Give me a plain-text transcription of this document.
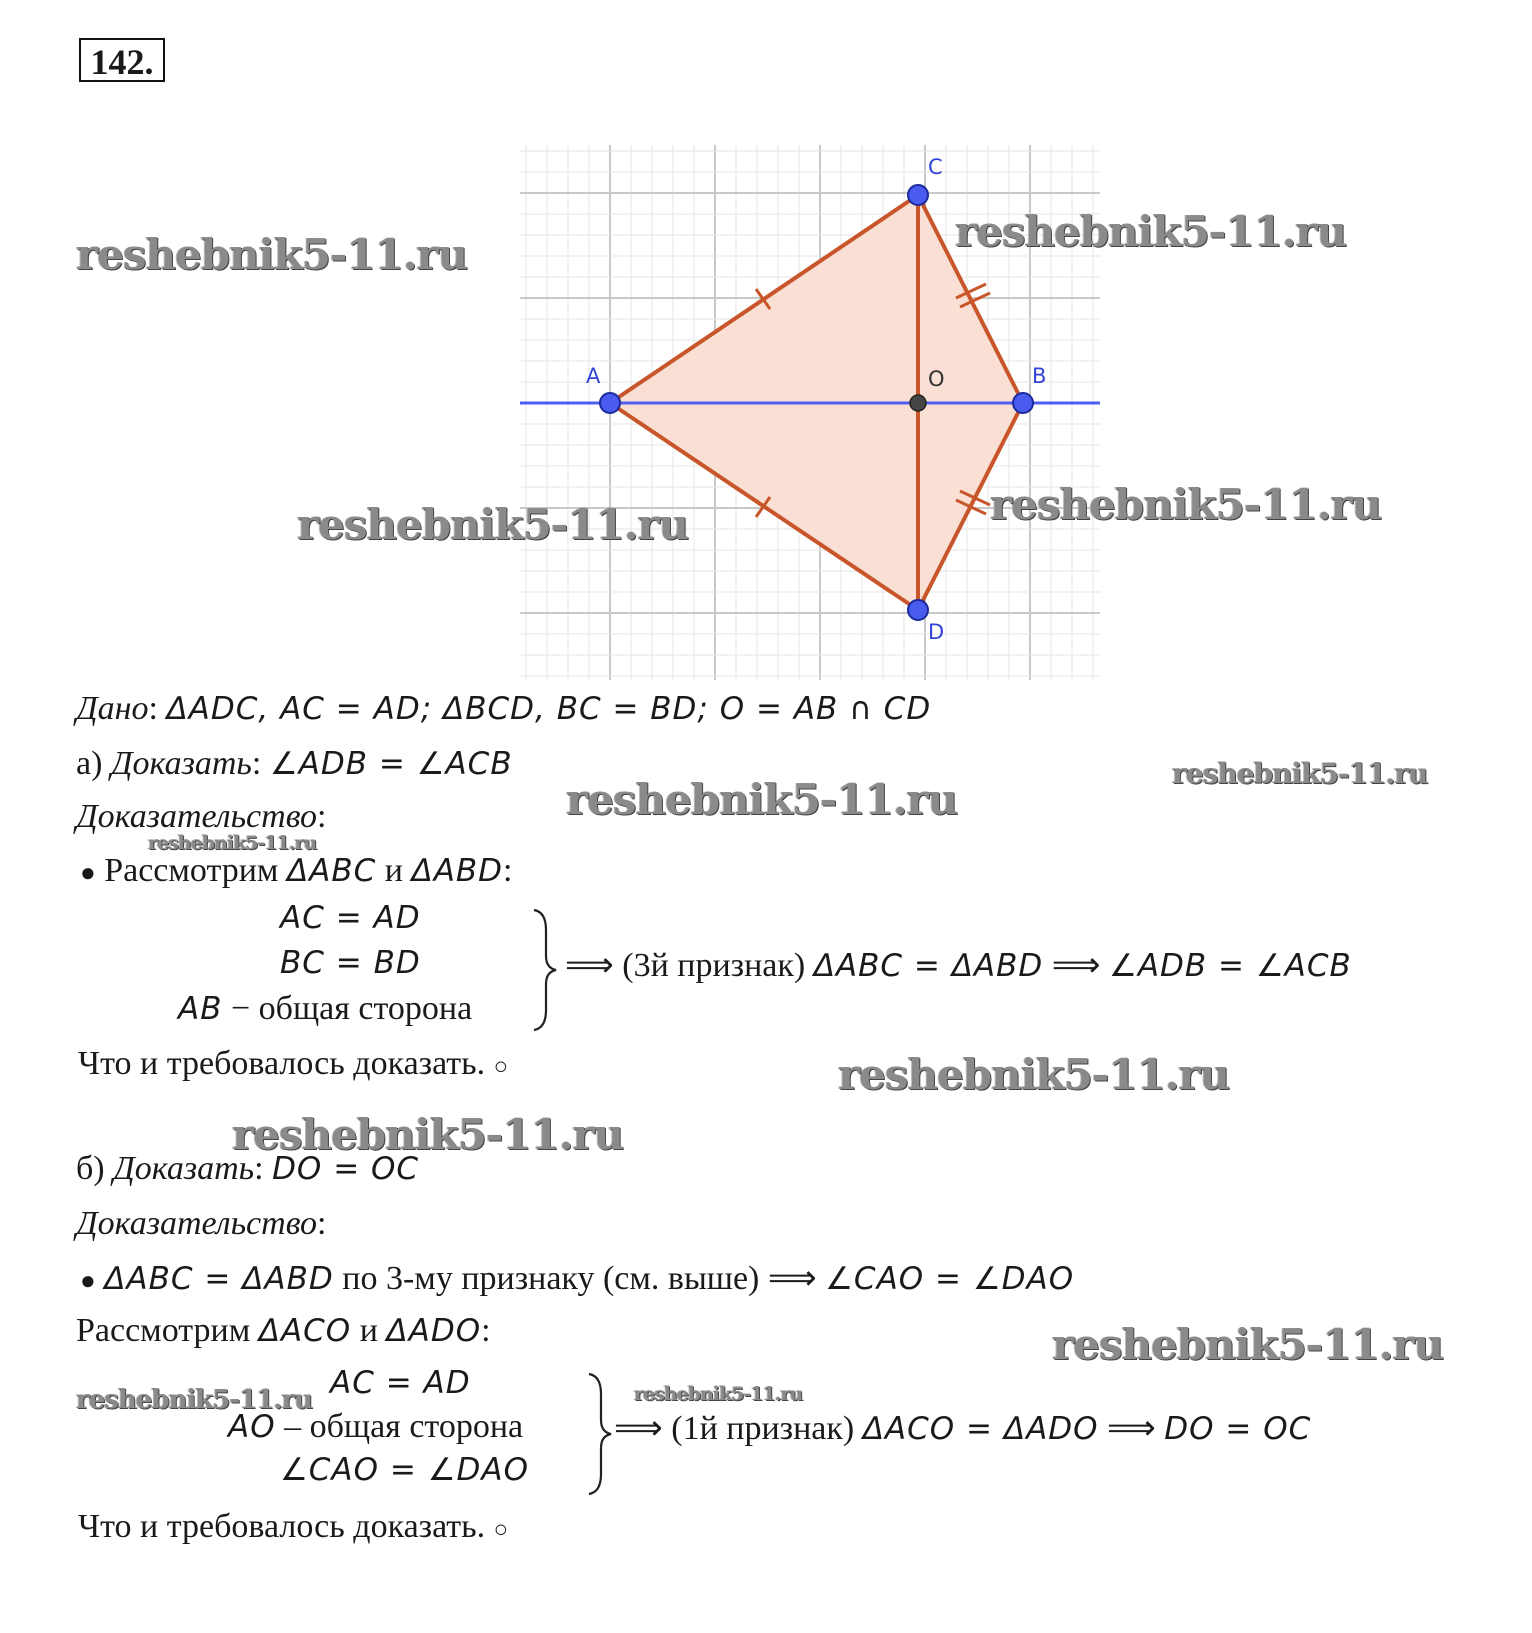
142.
A
C
B
O
D
reshebnik5-11.ru	reshebnik5-11.ru
reshebnik5-11.ru	reshebnik5-11.ru
reshebnik5-11.ru
reshebnik5-11.ru
reshebnik5-11.ru
reshebnik5-11.ru
reshebnik5-11.ru
reshebnik5-11.ru
reshebnik5-11.ru	reshebnik5-11.ru
Дано: ΔADC, AC = AD; ΔBCD, BC = BD; O = AB ∩ CD
а) Доказать: ∠ADB = ∠ACB
Доказательство:
● Рассмотрим ΔABC и ΔABD:
AC = AD
BC = BD
AB − общая сторона
⟹ (3й признак) ΔABC = ΔABD ⟹ ∠ADB = ∠ACB
Что и требовалось доказать. ○
б) Доказать: DO = OC
Доказательство:
● ΔABC = ΔABD по 3-му признаку (см. выше) ⟹ ∠CAO = ∠DAO
Рассмотрим ΔACO и ΔADO:
AC = AD
AO – общая сторона
∠CAO = ∠DAO
⟹ (1й признак) ΔACO = ΔADO ⟹ DO = OC
Что и требовалось доказать. ○
